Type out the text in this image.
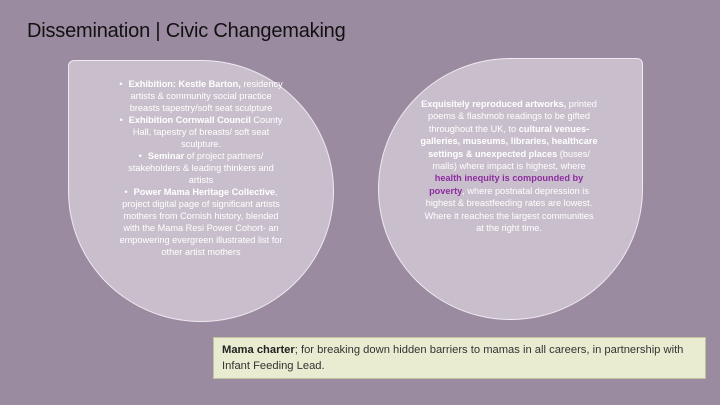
Dissemination | Civic Changemaking
• Exhibition: Kestle Barton, residency artists & community social practice breasts tapestry/soft seat sculpture
• Exhibition Cornwall Council County Hall, tapestry of breasts/ soft seat sculpture.
• Seminar of project partners/ stakeholders & leading thinkers and artists
• Power Mama Heritage Collective, project digital page of significant artists mothers from Cornish history, blended with the Mama Resi Power Cohort- an empowering evergreen illustrated list for other artist mothers
Exquisitely reproduced artworks, printed poems & flashmob readings to be gifted throughout the UK, to cultural venues- galleries, museums, libraries, healthcare settings & unexpected places (buses/ malls) where impact is highest, where health inequity is compounded by poverty, where postnatal depression is highest & breastfeeding rates are lowest. Where it reaches the largest communities at the right time.
Mama charter; for breaking down hidden barriers to mamas in all careers, in partnership with Infant Feeding Lead.
